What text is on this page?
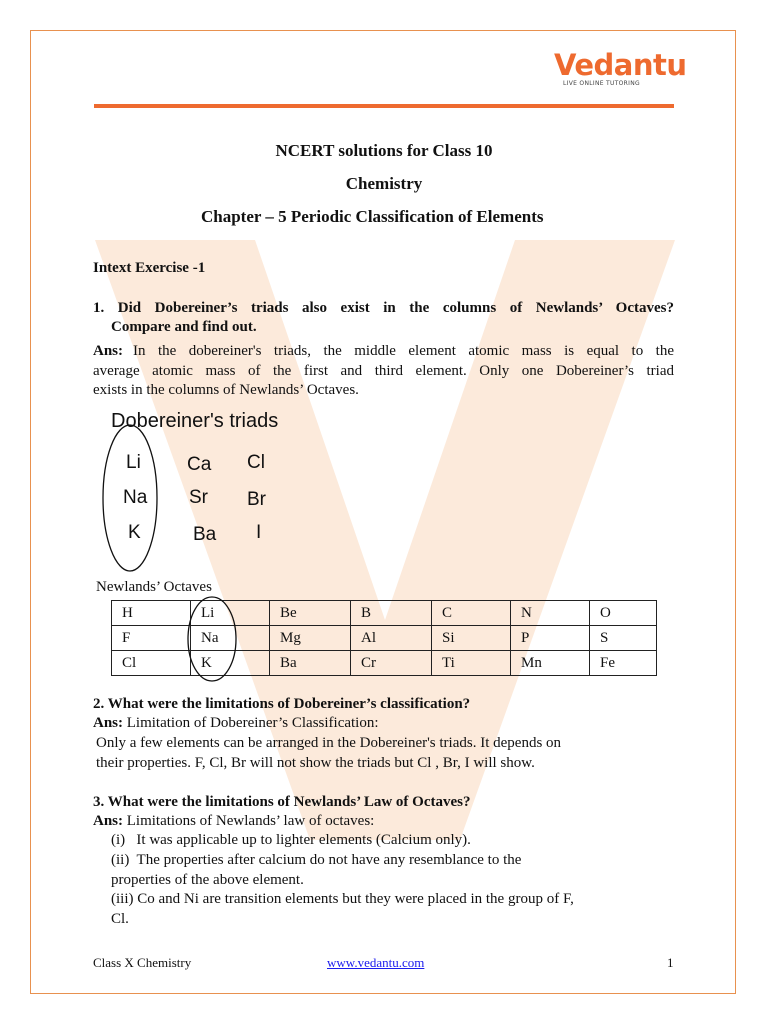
Vedantu
LIVE ONLINE TUTORING
NCERT solutions for Class 10
Chemistry
Chapter – 5 Periodic Classification of Elements
Intext Exercise -1
1. Did Dobereiner’s triads also exist in the columns of Newlands’ Octaves?
Compare and find out.
Ans: In the dobereiner's triads, the middle element atomic mass is equal to the
average atomic mass of the first and third element. Only one Dobereiner’s triad
exists in the columns of Newlands’ Octaves.
Dobereiner's triads
Li
Na
K
Ca
Sr
Ba
Cl
Br
I
Newlands’ Octaves
H	Li	Be	B	C	N	O
F	Na	Mg	Al	Si	P	S
Cl	K	Ba	Cr	Ti	Mn	Fe
2. What were the limitations of Dobereiner’s classification?
Ans: Limitation of Dobereiner’s Classification:
Only a few elements can be arranged in the Dobereiner's triads. It depends on
their properties. F, Cl, Br will not show the triads but Cl , Br, I will show.
3. What were the limitations of Newlands’ Law of Octaves?
Ans: Limitations of Newlands’ law of octaves:
(i)   It was applicable up to lighter elements (Calcium only).
(ii)  The properties after calcium do not have any resemblance to the
properties of the above element.
(iii) Co and Ni are transition elements but they were placed in the group of F,
Cl.
Class X Chemistry	www.vedantu.com	1
